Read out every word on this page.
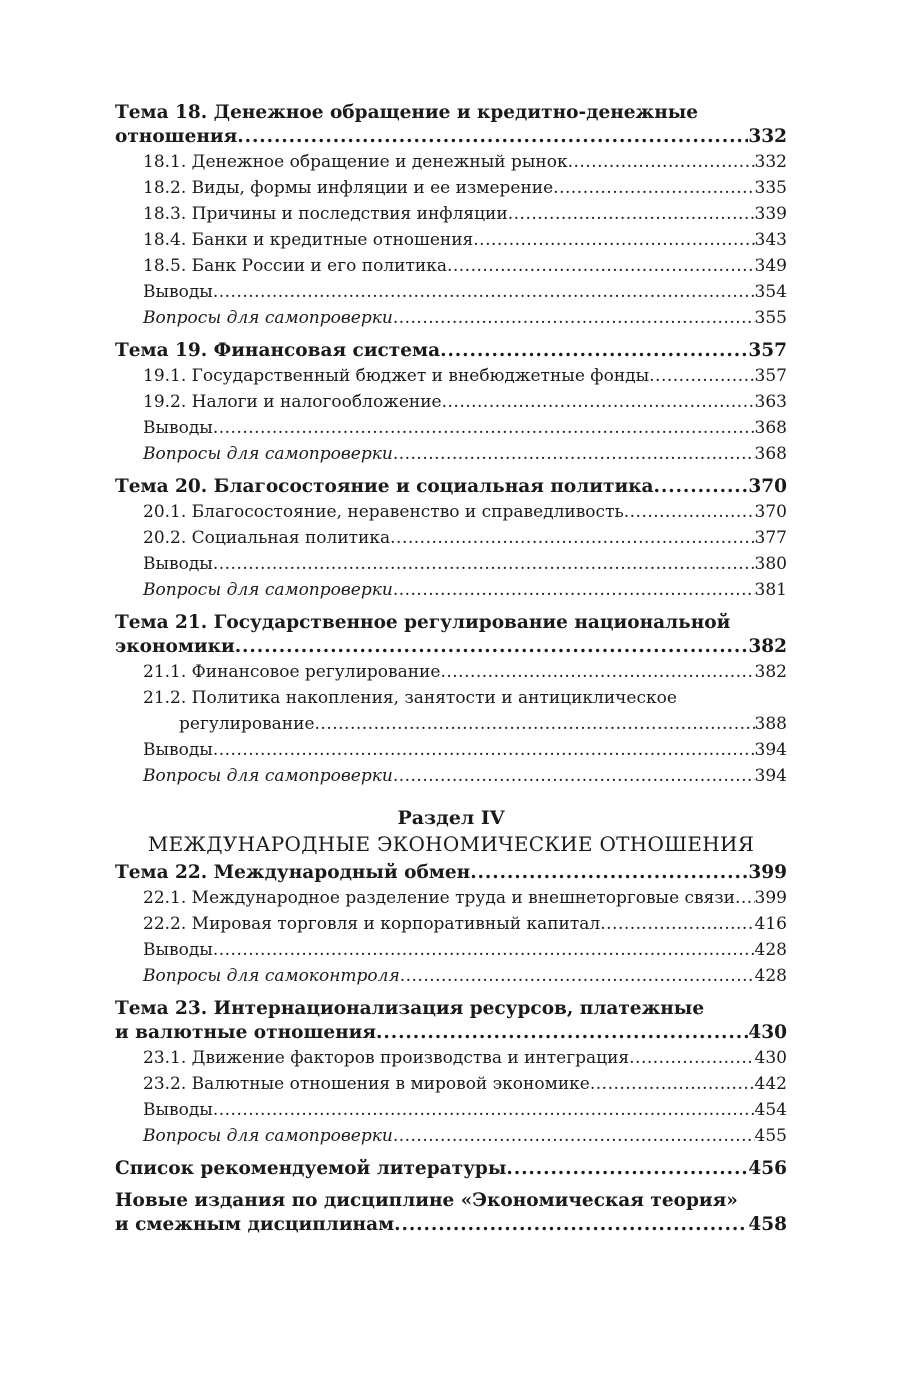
Тема 18. Денежное обращение и кредитно-денежные
отношения .....	332
18.1. Денежное обращение и денежный рынок .....	332
18.2. Виды, формы инфляции и ее измерение .....	335
18.3. Причины и последствия инфляции .....	339
18.4. Банки и кредитные отношения .....	343
18.5. Банк России и его политика .....	349
Выводы .....	354
Вопросы для самопроверки .....	355
Тема 19. Финансовая система .....	357
19.1. Государственный бюджет и внебюджетные фонды .....	357
19.2. Налоги и налогообложение .....	363
Выводы .....	368
Вопросы для самопроверки .....	368
Тема 20. Благосостояние и социальная политика .....	370
20.1. Благосостояние, неравенство и справедливость .....	370
20.2. Социальная политика .....	377
Выводы .....	380
Вопросы для самопроверки .....	381
Тема 21. Государственное регулирование национальной
экономики .....	382
21.1. Финансовое регулирование .....	382
21.2. Политика накопления, занятости и антициклическое
регулирование .....	388
Выводы .....	394
Вопросы для самопроверки .....	394
Раздел IV
МЕЖДУНАРОДНЫЕ ЭКОНОМИЧЕСКИЕ ОТНОШЕНИЯ
Тема 22. Международный обмен .....	399
22.1. Международное разделение труда и внешнеторговые связи ..... 399
22.2. Мировая торговля и корпоративный капитал .....	416
Выводы .....	428
Вопросы для самоконтроля .....	428
Тема 23. Интернационализация ресурсов, платежные
и валютные отношения .....	430
23.1. Движение факторов производства и интеграция .....	430
23.2. Валютные отношения в мировой экономике .....	442
Выводы .....	454
Вопросы для самопроверки .....	455
Список рекомендуемой литературы .....	456
Новые издания по дисциплине «Экономическая теория»
и смежным дисциплинам .....	458
